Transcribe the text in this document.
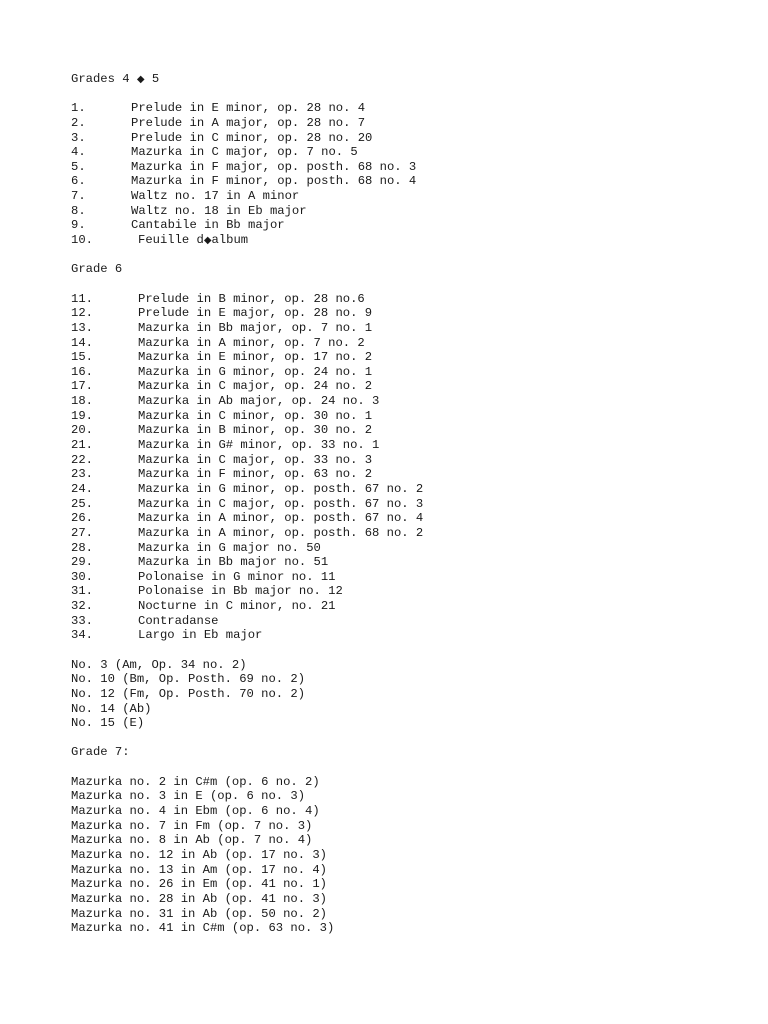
Grades 4 ◆ 5
1.	Prelude in E minor, op. 28 no. 4
2.	Prelude in A major, op. 28 no. 7
3.	Prelude in C minor, op. 28 no. 20
4.	Mazurka in C major, op. 7 no. 5
5.	Mazurka in F major, op. posth. 68 no. 3
6.	Mazurka in F minor, op. posth. 68 no. 4
7.	Waltz no. 17 in A minor
8.	Waltz no. 18 in Eb major
9.	Cantabile in Bb major
10.	Feuille d◆album
Grade 6
11.	Prelude in B minor, op. 28 no.6
12.	Prelude in E major, op. 28 no. 9
13.	Mazurka in Bb major, op. 7 no. 1
14.	Mazurka in A minor, op. 7 no. 2
15.	Mazurka in E minor, op. 17 no. 2
16.	Mazurka in G minor, op. 24 no. 1
17.	Mazurka in C major, op. 24 no. 2
18.	Mazurka in Ab major, op. 24 no. 3
19.	Mazurka in C minor, op. 30 no. 1
20.	Mazurka in B minor, op. 30 no. 2
21.	Mazurka in G# minor, op. 33 no. 1
22.	Mazurka in C major, op. 33 no. 3
23.	Mazurka in F minor, op. 63 no. 2
24.	Mazurka in G minor, op. posth. 67 no. 2
25.	Mazurka in C major, op. posth. 67 no. 3
26.	Mazurka in A minor, op. posth. 67 no. 4
27.	Mazurka in A minor, op. posth. 68 no. 2
28.	Mazurka in G major no. 50
29.	Mazurka in Bb major no. 51
30.	Polonaise in G minor no. 11
31.	Polonaise in Bb major no. 12
32.	Nocturne in C minor, no. 21
33.	Contradanse
34.	Largo in Eb major
No. 3 (Am, Op. 34 no. 2)
No. 10 (Bm, Op. Posth. 69 no. 2)
No. 12 (Fm, Op. Posth. 70 no. 2)
No. 14 (Ab)
No. 15 (E)
Grade 7:
Mazurka no. 2 in C#m (op. 6 no. 2)
Mazurka no. 3 in E (op. 6 no. 3)
Mazurka no. 4 in Ebm (op. 6 no. 4)
Mazurka no. 7 in Fm (op. 7 no. 3)
Mazurka no. 8 in Ab (op. 7 no. 4)
Mazurka no. 12 in Ab (op. 17 no. 3)
Mazurka no. 13 in Am (op. 17 no. 4)
Mazurka no. 26 in Em (op. 41 no. 1)
Mazurka no. 28 in Ab (op. 41 no. 3)
Mazurka no. 31 in Ab (op. 50 no. 2)
Mazurka no. 41 in C#m (op. 63 no. 3)
